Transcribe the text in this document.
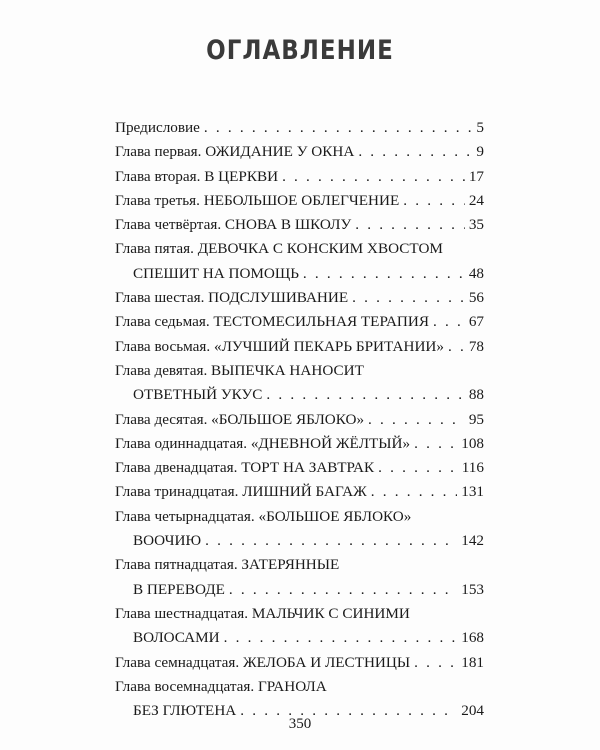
ОГЛАВЛЕНИЕ
Предисловие . . .	5
Глава первая. ОЖИДАНИЕ У ОКНА . . .	9
Глава вторая. В ЦЕРКВИ . . .	17
Глава третья. НЕБОЛЬШОЕ ОБЛЕГЧЕНИЕ . . .	24
Глава четвёртая. СНОВА В ШКОЛУ . . .	35
Глава пятая. ДЕВОЧКА С КОНСКИМ ХВОСТОМ
СПЕШИТ НА ПОМОЩЬ . . .	48
Глава шестая. ПОДСЛУШИВАНИЕ . . .	56
Глава седьмая. ТЕСТОМЕСИЛЬНАЯ ТЕРАПИЯ . . .	67
Глава восьмая. «ЛУЧШИЙ ПЕКАРЬ БРИТАНИИ» . . . 78
Глава девятая. ВЫПЕЧКА НАНОСИТ
ОТВЕТНЫЙ УКУС . . .	88
Глава десятая. «БОЛЬШОЕ ЯБЛОКО» . . .	95
Глава одиннадцатая. «ДНЕВНОЙ ЖЁЛТЫЙ» . . .	108
Глава двенадцатая. ТОРТ НА ЗАВТРАК . . .	116
Глава тринадцатая. ЛИШНИЙ БАГАЖ . . .	131
Глава четырнадцатая. «БОЛЬШОЕ ЯБЛОКО»
ВООЧИЮ . . .	142
Глава пятнадцатая. ЗАТЕРЯННЫЕ
В ПЕРЕВОДЕ . . .	153
Глава шестнадцатая. МАЛЬЧИК С СИНИМИ
ВОЛОСАМИ . . .	168
Глава семнадцатая. ЖЕЛОБА И ЛЕСТНИЦЫ . . .	181
Глава восемнадцатая. ГРАНОЛА
БЕЗ ГЛЮТЕНА . . .	204
350
